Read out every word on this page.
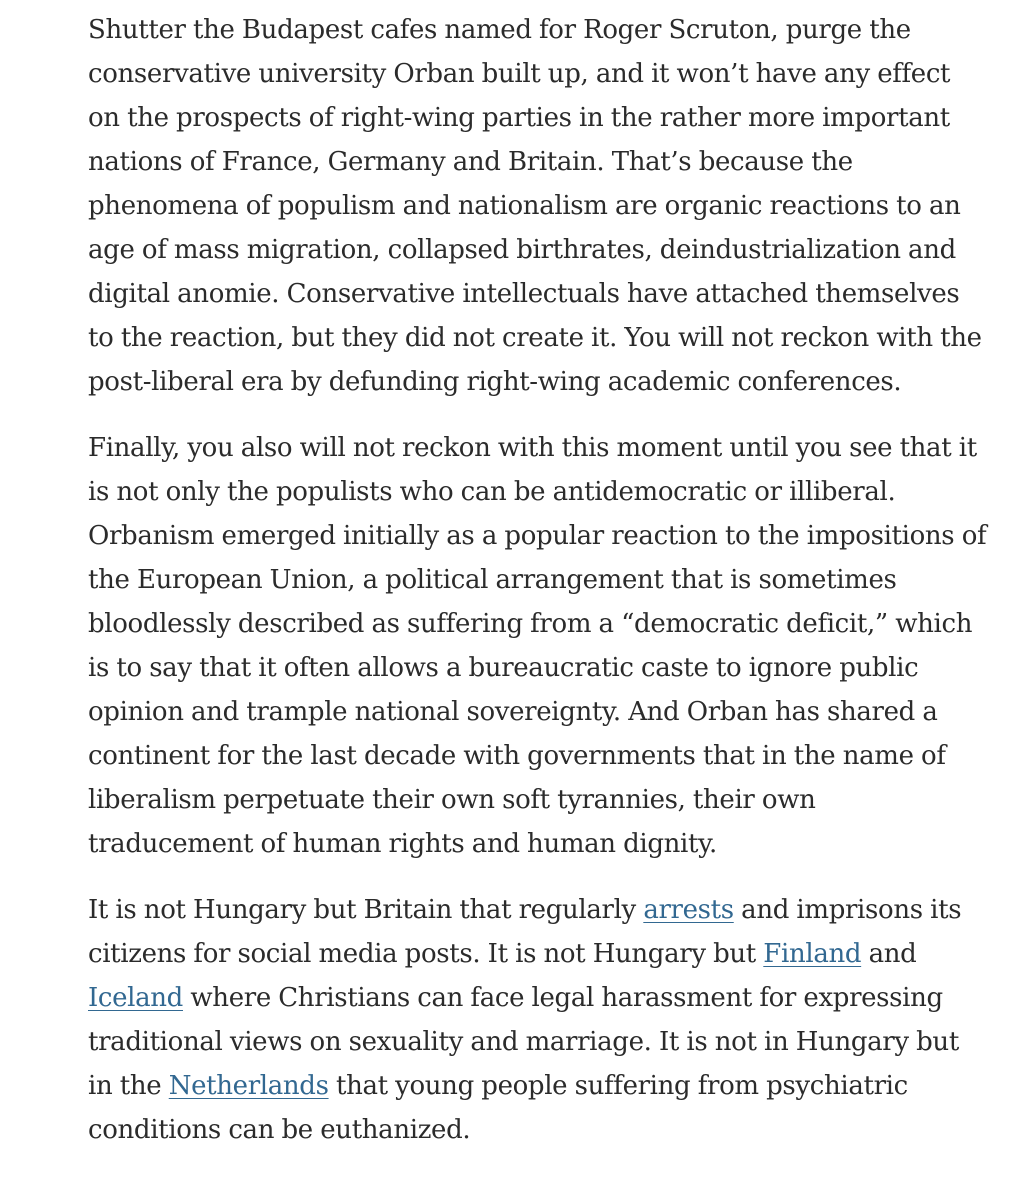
Shutter the Budapest cafes named for Roger Scruton, purge the conservative university Orban built up, and it won’t have any effect on the prospects of right-wing parties in the rather more important nations of France, Germany and Britain. That’s because the phenomena of populism and nationalism are organic reactions to an age of mass migration, collapsed birthrates, deindustrialization and digital anomie. Conservative intellectuals have attached themselves to the reaction, but they did not create it. You will not reckon with the post-liberal era by defunding right-wing academic conferences.

Finally, you also will not reckon with this moment until you see that it is not only the populists who can be antidemocratic or illiberal. Orbanism emerged initially as a popular reaction to the impositions of the European Union, a political arrangement that is sometimes bloodlessly described as suffering from a “democratic deficit,” which is to say that it often allows a bureaucratic caste to ignore public opinion and trample national sovereignty. And Orban has shared a continent for the last decade with governments that in the name of liberalism perpetuate their own soft tyrannies, their own traducement of human rights and human dignity.

It is not Hungary but Britain that regularly arrests and imprisons its citizens for social media posts. It is not Hungary but Finland and Iceland where Christians can face legal harassment for expressing traditional views on sexuality and marriage. It is not in Hungary but in the Netherlands that young people suffering from psychiatric conditions can be euthanized.
